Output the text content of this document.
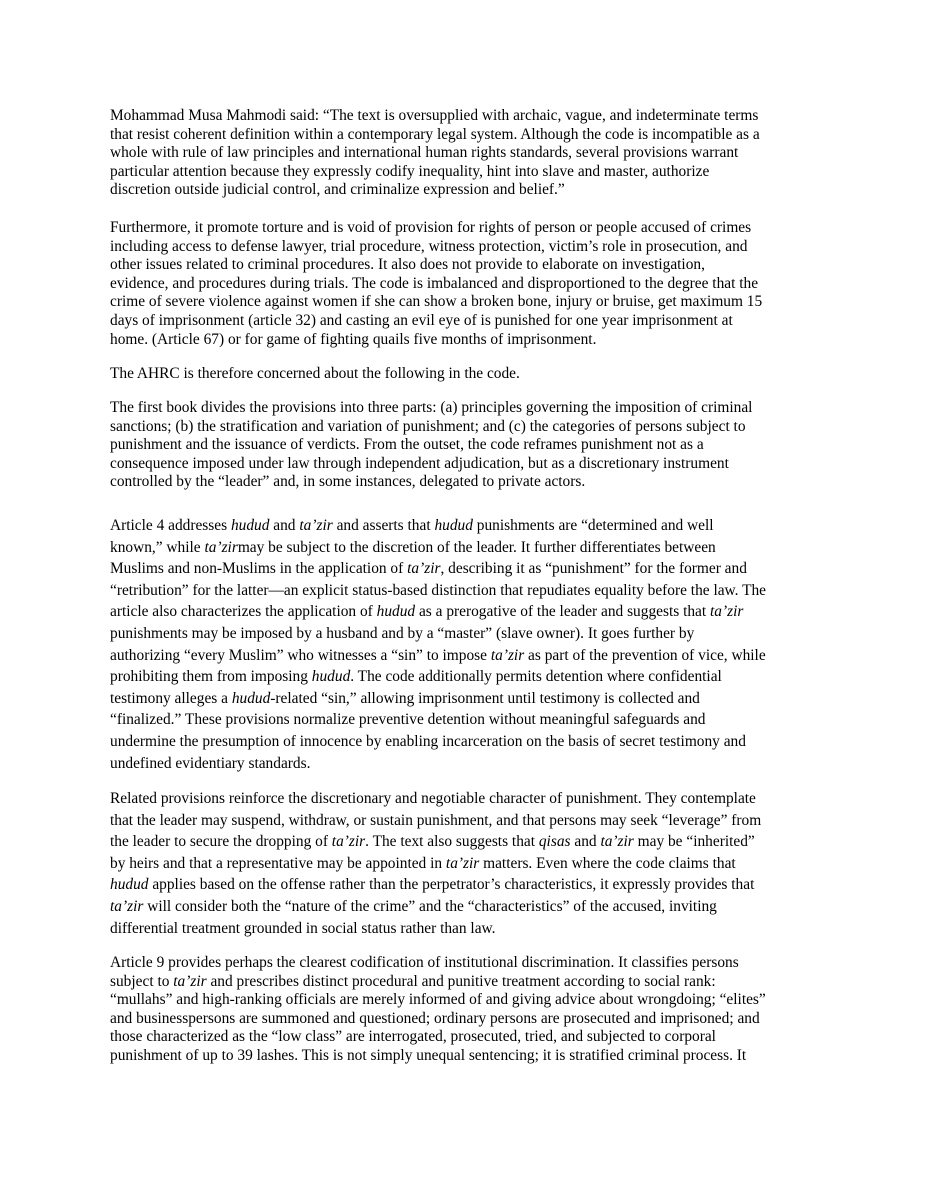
Mohammad Musa Mahmodi said: “The text is oversupplied with archaic, vague, and indeterminate terms
that resist coherent definition within a contemporary legal system. Although the code is incompatible as a
whole with rule of law principles and international human rights standards, several provisions warrant
particular attention because they expressly codify inequality, hint into slave and master, authorize
discretion outside judicial control, and criminalize expression and belief.”

Furthermore, it promote torture and is void of provision for rights of person or people accused of crimes
including access to defense lawyer, trial procedure, witness protection, victim’s role in prosecution, and
other issues related to criminal procedures. It also does not provide to elaborate on investigation,
evidence, and procedures during trials. The code is imbalanced and disproportioned to the degree that the
crime of severe violence against women if she can show a broken bone, injury or bruise, get maximum 15
days of imprisonment (article 32) and casting an evil eye of is punished for one year imprisonment at
home. (Article 67) or for game of fighting quails five months of imprisonment.

The AHRC is therefore concerned about the following in the code.

The first book divides the provisions into three parts: (a) principles governing the imposition of criminal
sanctions; (b) the stratification and variation of punishment; and (c) the categories of persons subject to
punishment and the issuance of verdicts. From the outset, the code reframes punishment not as a
consequence imposed under law through independent adjudication, but as a discretionary instrument
controlled by the “leader” and, in some instances, delegated to private actors.

Article 4 addresses hudud and ta’zir and asserts that hudud punishments are “determined and well
known,” while ta’zirmay be subject to the discretion of the leader. It further differentiates between
Muslims and non-Muslims in the application of ta’zir, describing it as “punishment” for the former and
“retribution” for the latter—an explicit status-based distinction that repudiates equality before the law. The
article also characterizes the application of hudud as a prerogative of the leader and suggests that ta’zir
punishments may be imposed by a husband and by a “master” (slave owner). It goes further by
authorizing “every Muslim” who witnesses a “sin” to impose ta’zir as part of the prevention of vice, while
prohibiting them from imposing hudud. The code additionally permits detention where confidential
testimony alleges a hudud-related “sin,” allowing imprisonment until testimony is collected and
“finalized.” These provisions normalize preventive detention without meaningful safeguards and
undermine the presumption of innocence by enabling incarceration on the basis of secret testimony and
undefined evidentiary standards.

Related provisions reinforce the discretionary and negotiable character of punishment. They contemplate
that the leader may suspend, withdraw, or sustain punishment, and that persons may seek “leverage” from
the leader to secure the dropping of ta’zir. The text also suggests that qisas and ta’zir may be “inherited”
by heirs and that a representative may be appointed in ta’zir matters. Even where the code claims that
hudud applies based on the offense rather than the perpetrator’s characteristics, it expressly provides that
ta’zir will consider both the “nature of the crime” and the “characteristics” of the accused, inviting
differential treatment grounded in social status rather than law.

Article 9 provides perhaps the clearest codification of institutional discrimination. It classifies persons
subject to ta’zir and prescribes distinct procedural and punitive treatment according to social rank:
“mullahs” and high-ranking officials are merely informed of and giving advice about wrongdoing; “elites”
and businesspersons are summoned and questioned; ordinary persons are prosecuted and imprisoned; and
those characterized as the “low class” are interrogated, prosecuted, tried, and subjected to corporal
punishment of up to 39 lashes. This is not simply unequal sentencing; it is stratified criminal process. It
